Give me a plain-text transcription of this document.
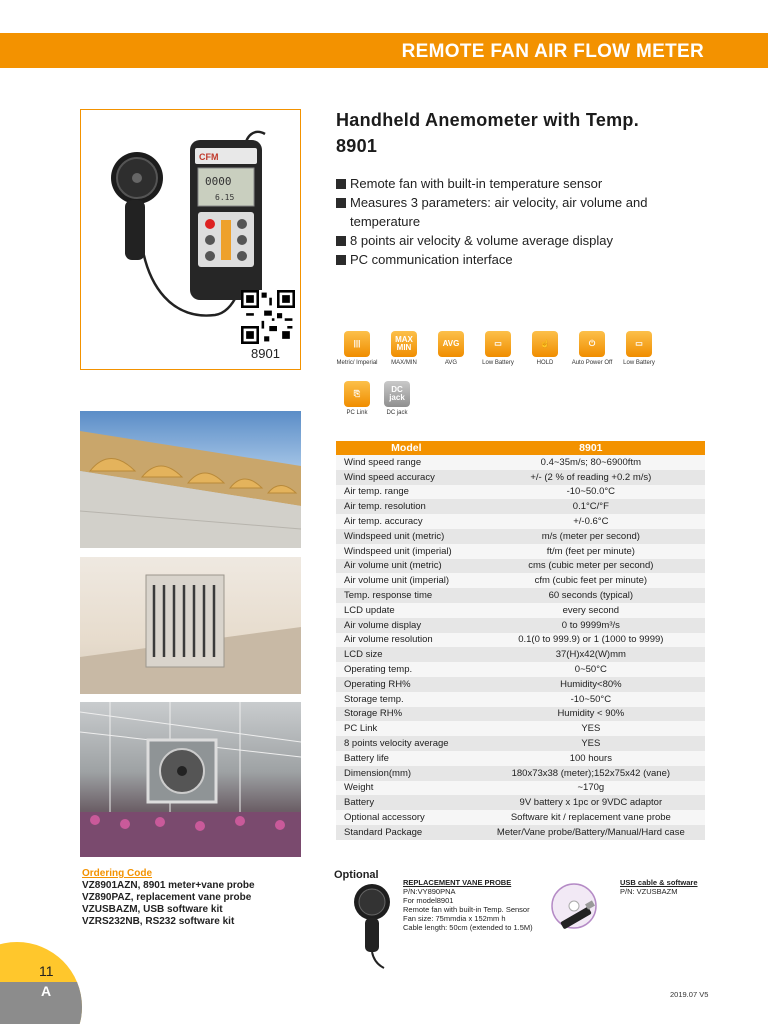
REMOTE FAN AIR FLOW METER
CFM
0000
6.15
8901
Handheld Anemometer with Temp.
8901
Remote fan with built-in temperature sensor
Measures 3 parameters: air velocity, air volume and temperature
8 points air velocity & volume average display
PC communication interface
|||
Metric/ Imperial
MAX MIN
MAX/MIN
AVG
AVG
▭
Low Battery
☝
HOLD
⏻
Auto Power Off
▭
Low Battery
⎘
PC Link
DC jack
DC jack
Model	8901
Wind speed range	0.4~35m/s; 80~6900ftm
Wind speed accuracy	+/- (2 % of reading +0.2 m/s)
Air temp. range	-10~50.0°C
Air temp. resolution	0.1°C/°F
Air temp. accuracy	+/-0.6°C
Windspeed unit (metric)	m/s (meter per second)
Windspeed unit (imperial)	ft/m (feet per minute)
Air volume unit (metric)	cms (cubic meter per second)
Air volume unit (imperial)	cfm (cubic feet per minute)
Temp. response time	60 seconds (typical)
LCD update	every second
Air volume display	0 to 9999m³/s
Air volume resolution	0.1(0 to 999.9) or 1 (1000 to 9999)
LCD size	37(H)x42(W)mm
Operating temp.	0~50°C
Operating RH%	Humidity<80%
Storage temp.	-10~50°C
Storage RH%	Humidity < 90%
PC Link	YES
8 points velocity average	YES
Battery life	100 hours
Dimension(mm)	180x73x38 (meter);152x75x42 (vane)
Weight	~170g
Battery	9V battery x 1pc or 9VDC adaptor
Optional accessory	Software kit / replacement vane probe
Standard Package	Meter/Vane probe/Battery/Manual/Hard case
Ordering Code
VZ8901AZN, 8901 meter+vane probe
VZ890PAZ, replacement vane probe
VZUSBAZM, USB software kit
VZRS232NB, RS232 software kit
Optional
REPLACEMENT VANE PROBE
P/N:VY890PNA
For model8901
Remote fan with built-in Temp. Sensor
Fan size: 75mmdia x 152mm h
Cable length: 50cm (extended to 1.5M)
USB cable & software
P/N: VZUSBAZM
11
A	2019.07 V5
